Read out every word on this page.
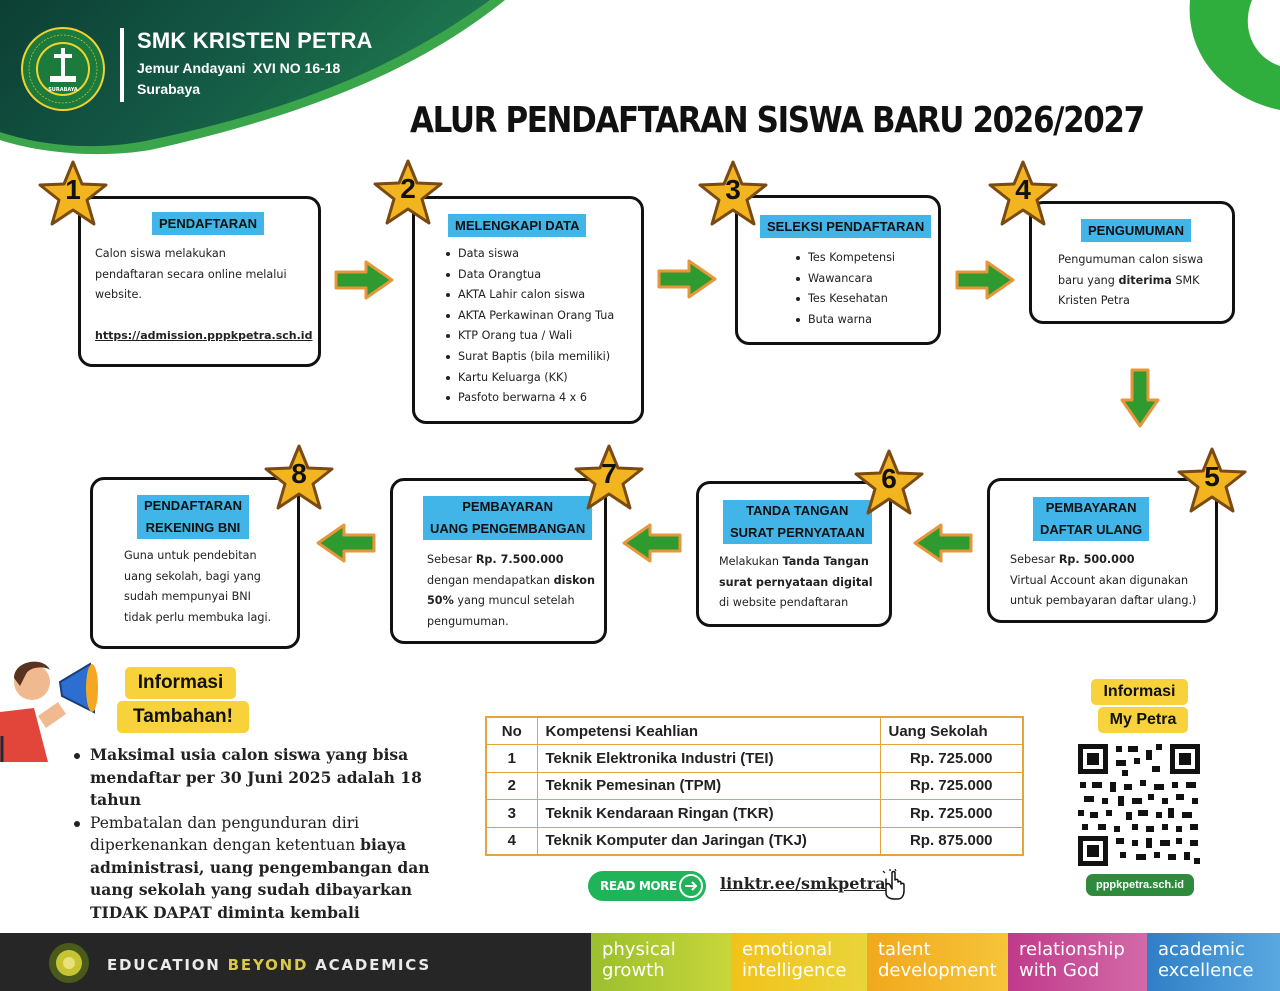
SURABAYA
SMK KRISTEN PETRA
Jemur Andayani  XVI NO 16-18
Surabaya
ALUR PENDAFTARAN SISWA BARU 2026/2027
PENDAFTARAN
Calon siswa melakukan pendaftaran secara online melalui website.
https://admission.pppkpetra.sch.id
MELENGKAPI DATA
Data siswa
Data Orangtua
AKTA Lahir calon siswa
AKTA Perkawinan Orang Tua
KTP Orang tua / Wali
Surat Baptis (bila memiliki)
Kartu Keluarga (KK)
Pasfoto berwarna 4 x 6
SELEKSI PENDAFTARAN
Tes Kompetensi
Wawancara
Tes Kesehatan
Buta warna
PENGUMUMAN
Pengumuman calon siswa baru yang diterima SMK Kristen Petra
PEMBAYARAN
DAFTAR ULANG
Sebesar Rp. 500.000
Virtual Account akan digunakan untuk pembayaran daftar ulang.)
TANDA TANGAN
SURAT PERNYATAAN
Melakukan Tanda Tangan surat pernyataan digital di website pendaftaran
PEMBAYARAN
UANG PENGEMBANGAN
Sebesar Rp. 7.500.000 dengan mendapatkan diskon 50% yang muncul setelah pengumuman.
PENDAFTARAN
REKENING BNI
Guna untuk pendebitan uang sekolah, bagi yang sudah mempunyai BNI tidak perlu membuka lagi.
1	2	3	4
5
6
7
8
Informasi
Tambahan!
Maksimal usia calon siswa yang bisa mendaftar per 30 Juni 2025 adalah 18 tahun
Pembatalan dan pengunduran diri diperkenankan dengan ketentuan biaya administrasi, uang pengembangan dan uang sekolah yang sudah dibayarkan TIDAK DAPAT diminta kembali
No	Kompetensi Keahlian	Uang Sekolah
1	Teknik Elektronika Industri (TEI)	Rp. 725.000
2	Teknik Pemesinan (TPM)	Rp. 725.000
3	Teknik Kendaraan Ringan (TKR)	Rp. 725.000
4	Teknik Komputer dan Jaringan (TKJ)	Rp. 875.000
READ MORE	linktr.ee/smkpetra
Informasi
My Petra
pppkpetra.sch.id
EDUCATION BEYOND ACADEMICS
physical
growth
emotional
intelligence
talent
development
relationship
with God
academic
excellence
